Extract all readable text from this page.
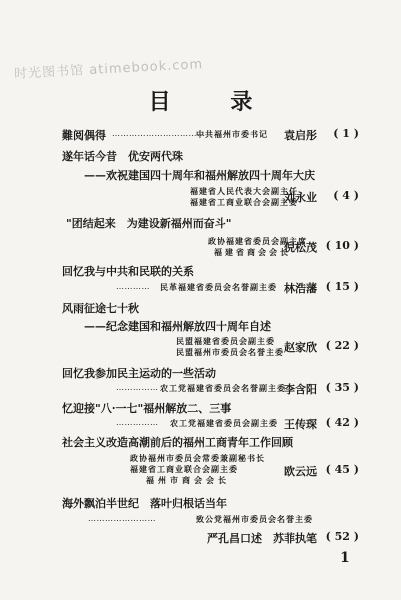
时光图书馆 atimebook.com
目 录
難阅偶得 ……………………………
中共福州市委书记 袁启彤 ( 1 )
遂年话今昔　优安两代珠
——欢祝建国四十周年和福州解放四十周年大庆
福建省人民代表大会副主任
福建省工商业联合会副主委
刘永业 ( 4 )
"团结起来　为建设新福州而奋斗"
政协福建省委员会副主席
福建省商会会长
倪松茂 ( 10 )
回忆我与中共和民联的关系
………… 民革福建省委员会名誉副主委 林浩藩 ( 15 )
风雨征途七十秋
——纪念建国和福州解放四十周年自述
民盟福建省委员会副主委
民盟福州市委员会名誉主委 赵家欣 ( 22 )
回忆我参加民主运动的一些活动
…………… 农工党福建省委员会名誉副主委
李含阳 ( 35 )
忆迎接"八·一七"福州解放二、三事
…………… 农工党福建省委员会副主委 王传琛 ( 42 )
社会主义改造高潮前后的福州工商青年工作回顾
政协福州市委员会常委兼副秘书长
福建省工商业联合会副主委
福州市商会会长
欧云远 ( 45 )
海外飘泊半世纪　落叶归根话当年
……………………	致公党福州市委员会名誉主委
严孔昌口述　苏菲执笔 ( 52 )
1
